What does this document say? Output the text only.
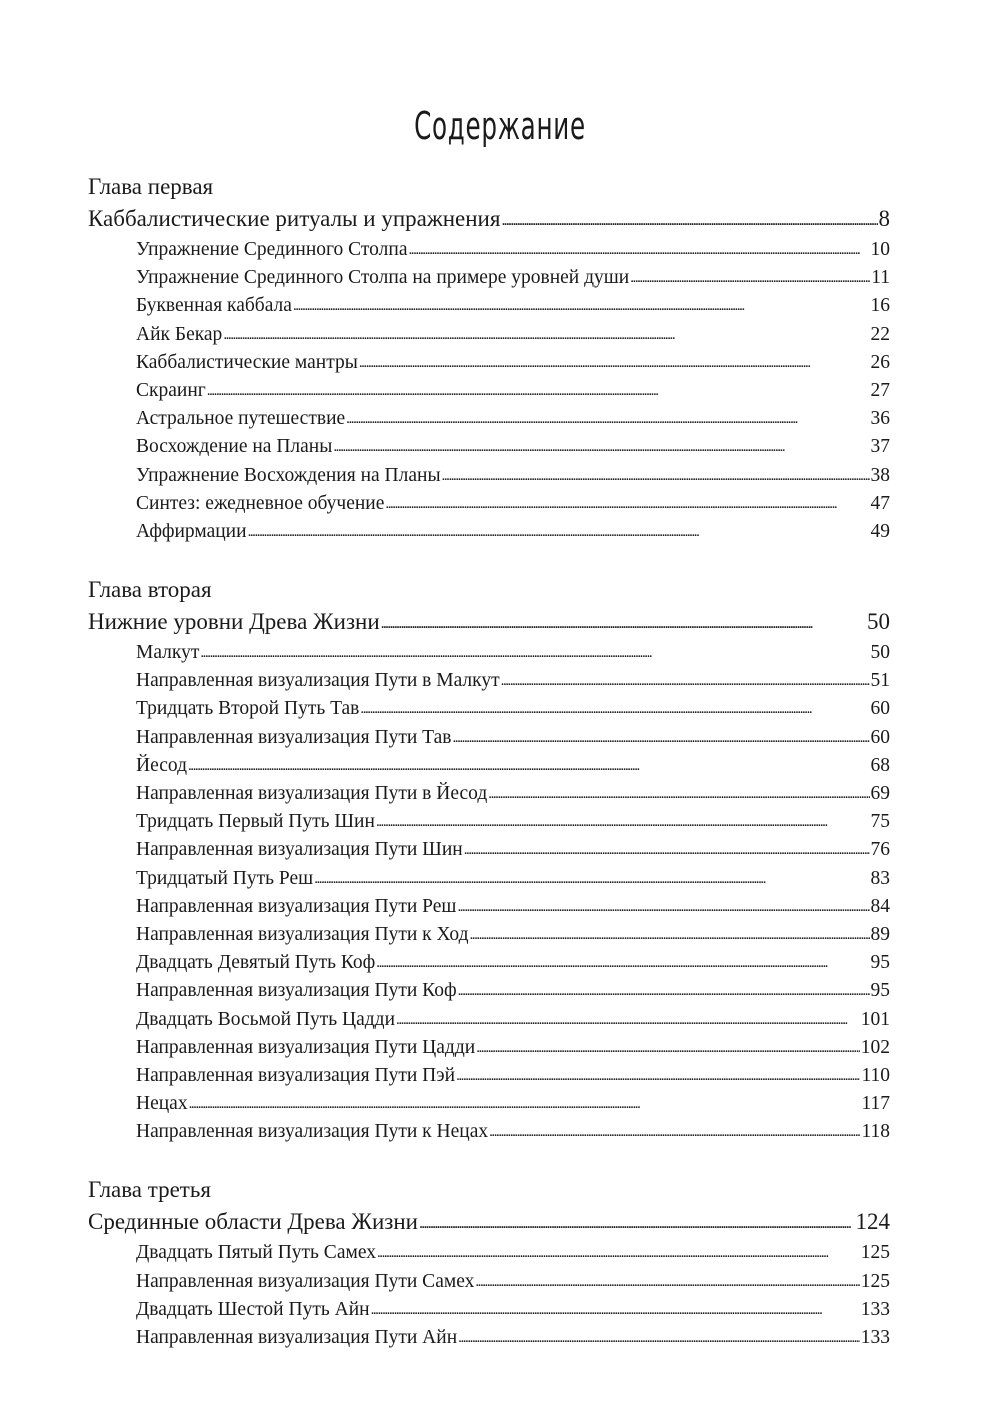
Содержание
Глава первая
Каббалистические ритуалы и упражнения . . .	8
Упражнение Срединного Столпа . . .	10
Упражнение Срединного Столпа на примере уровней души . . .	11
Буквенная каббала . . .	16
Айк Бекар . . .	22
Каббалистические мантры . . .	26
Скраинг . . .	27
Астральное путешествие . . .	36
Восхождение на Планы . . .	37
Упражнение Восхождения на Планы . . .	38
Синтез: ежедневное обучение . . .	47
Аффирмации . . .	49
Глава вторая
Нижние уровни Древа Жизни . . .	50
Малкут . . .	50
Направленная визуализация Пути в Малкут . . .	51
Тридцать Второй Путь Тав . . .	60
Направленная визуализация Пути Тав . . .	60
Йесод . . .	68
Направленная визуализация Пути в Йесод . . .	69
Тридцать Первый Путь Шин . . .	75
Направленная визуализация Пути Шин . . .	76
Тридцатый Путь Реш . . .	83
Направленная визуализация Пути Реш . . .	84
Направленная визуализация Пути к Ход . . .	89
Двадцать Девятый Путь Коф . . .	95
Направленная визуализация Пути Коф . . .	95
Двадцать Восьмой Путь Цадди . . .	101
Направленная визуализация Пути Цадди . . .	102
Направленная визуализация Пути Пэй . . .	110
Нецах . . .	117
Направленная визуализация Пути к Нецах . . .	118
Глава третья
Срединные области Древа Жизни . . .	124
Двадцать Пятый Путь Самех . . .	125
Направленная визуализация Пути Самех . . .	125
Двадцать Шестой Путь Айн . . .	133
Направленная визуализация Пути Айн . . .	133
